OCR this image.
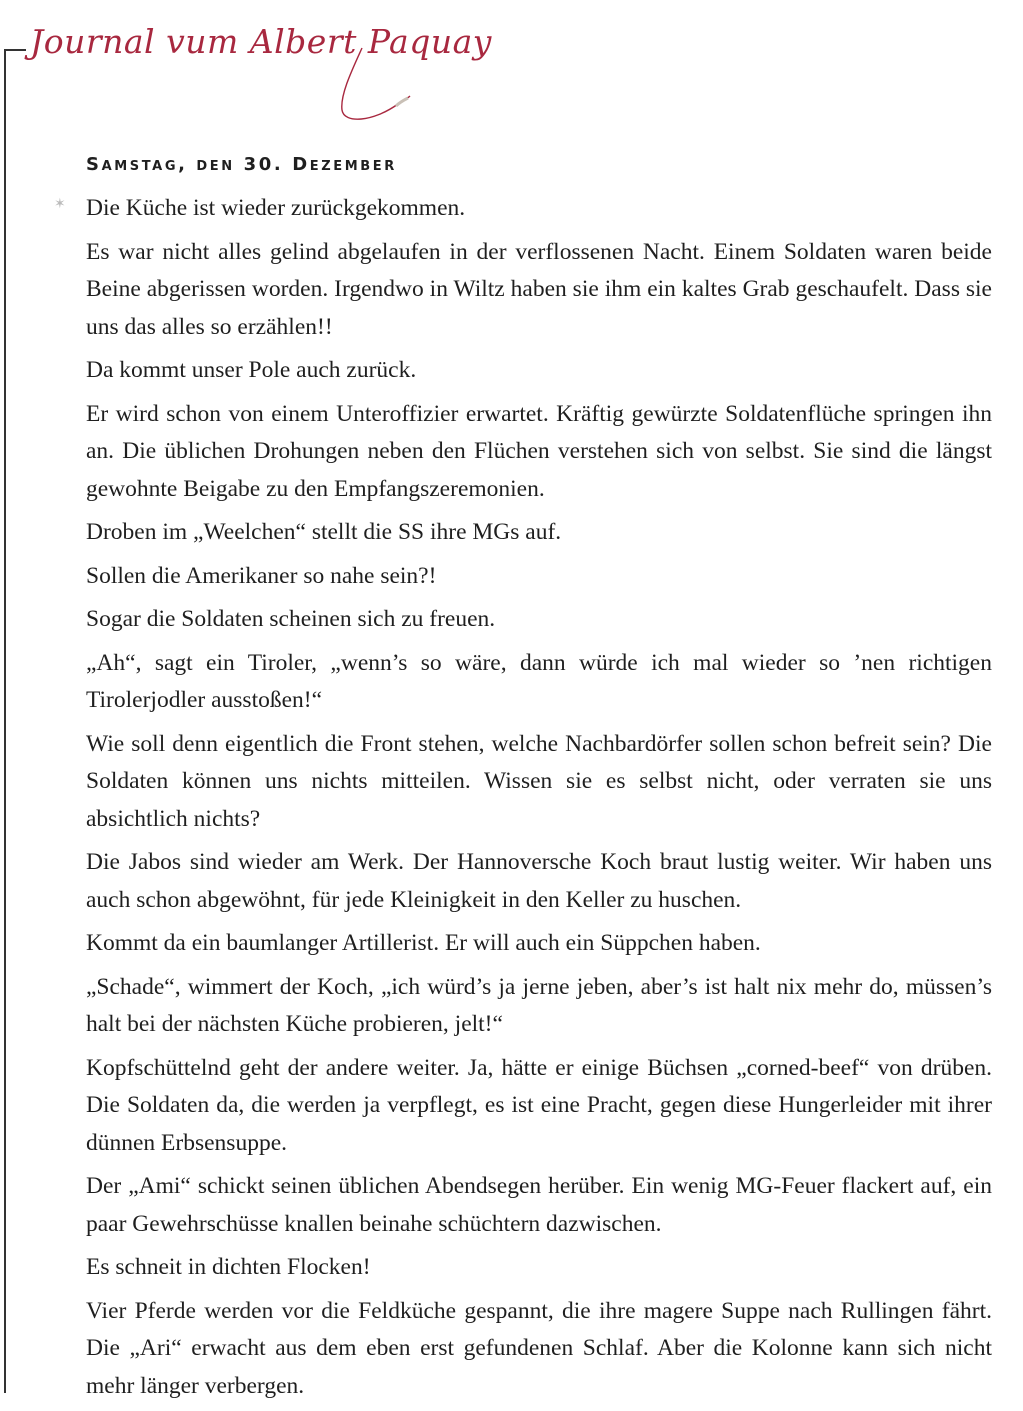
Journal vum Albert Paquay
✶
Samstag, den 30. Dezember

Die Küche ist wieder zurückgekommen.

Es war nicht alles gelind abgelaufen in der verflossenen Nacht. Einem Soldaten waren beide Beine abgerissen worden. Irgendwo in Wiltz haben sie ihm ein kaltes Grab geschaufelt. Dass sie uns das alles so erzählen!!

Da kommt unser Pole auch zurück.

Er wird schon von einem Unteroffizier erwartet. Kräftig gewürzte Soldatenflüche springen ihn an. Die üblichen Drohungen neben den Flüchen verstehen sich von selbst. Sie sind die längst gewohnte Beigabe zu den Empfangszeremonien.

Droben im „Weelchen“ stellt die SS ihre MGs auf.

Sollen die Amerikaner so nahe sein?!

Sogar die Soldaten scheinen sich zu freuen.

„Ah“, sagt ein Tiroler, „wenn’s so wäre, dann würde ich mal wieder so ’nen richtigen Tirolerjodler ausstoßen!“

Wie soll denn eigentlich die Front stehen, welche Nachbardörfer sollen schon befreit sein? Die Soldaten können uns nichts mitteilen. Wissen sie es selbst nicht, oder verraten sie uns absichtlich nichts?

Die Jabos sind wieder am Werk. Der Hannoversche Koch braut lustig weiter. Wir haben uns auch schon abgewöhnt, für jede Kleinigkeit in den Keller zu huschen.

Kommt da ein baumlanger Artillerist. Er will auch ein Süppchen haben.

„Schade“, wimmert der Koch, „ich würd’s ja jerne jeben, aber’s ist halt nix mehr do, müssen’s halt bei der nächsten Küche probieren, jelt!“

Kopfschüttelnd geht der andere weiter. Ja, hätte er einige Büchsen „corned-beef“ von drüben. Die Soldaten da, die werden ja verpflegt, es ist eine Pracht, gegen diese Hungerleider mit ihrer dünnen Erbsensuppe.

Der „Ami“ schickt seinen üblichen Abendsegen herüber. Ein wenig MG-Feuer flackert auf, ein paar Gewehrschüsse knallen beinahe schüchtern dazwischen.

Es schneit in dichten Flocken!

Vier Pferde werden vor die Feldküche gespannt, die ihre magere Suppe nach Rullingen fährt. Die „Ari“ erwacht aus dem eben erst gefundenen Schlaf. Aber die Kolonne kann sich nicht mehr länger verbergen.
